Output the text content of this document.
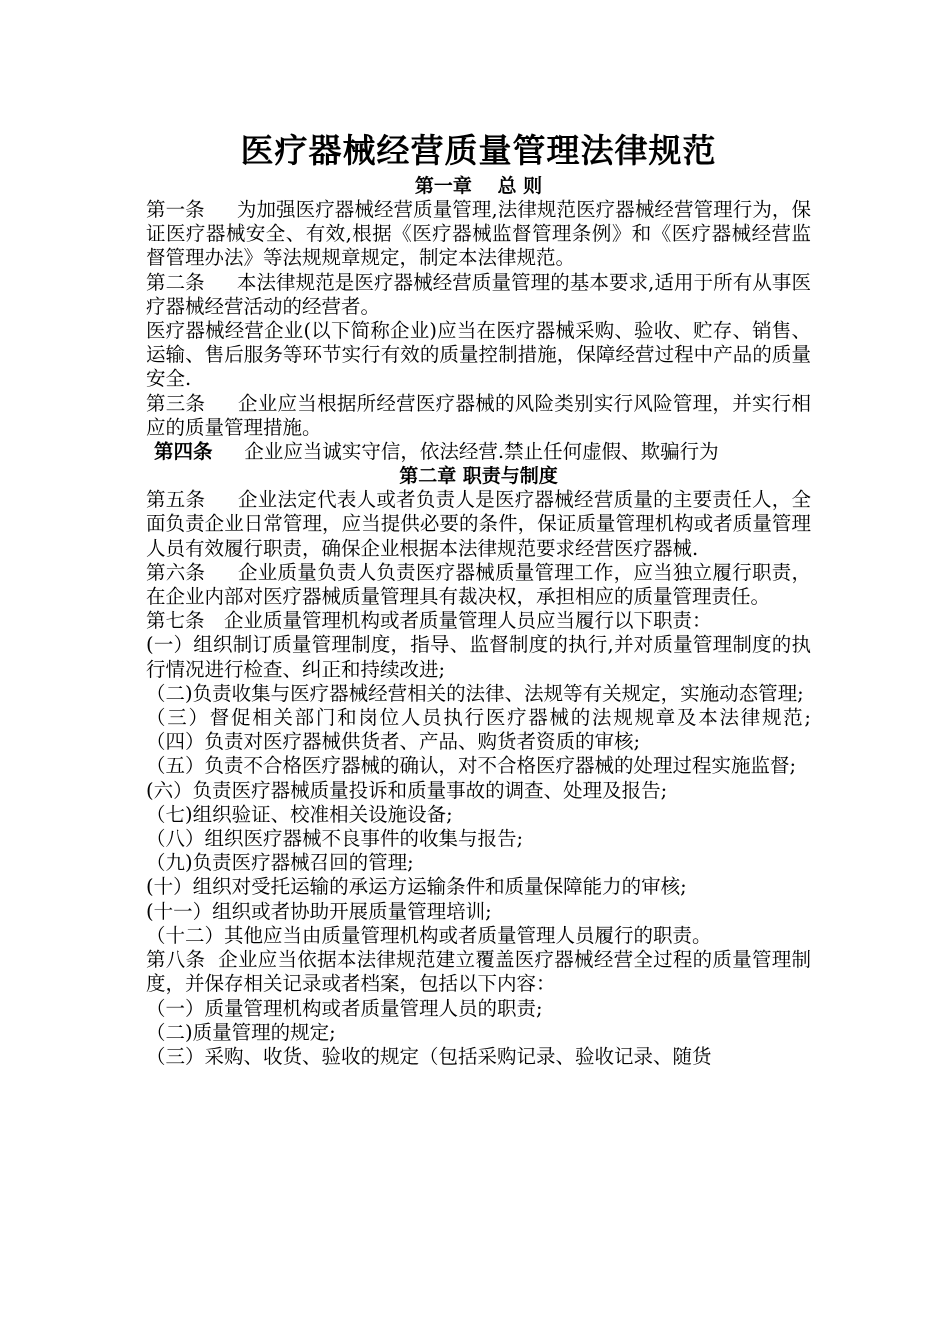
医疗器械经营质量管理法律规范

第一章　 总 则

第一条　  为加强医疗器械经营质量管理,法律规范医疗器械经营管理行为，保证医疗器械安全、有效,根据《医疗器械监督管理条例》和《医疗器械经营监督管理办法》等法规规章规定，制定本法律规范。

第二条　  本法律规范是医疗器械经营质量管理的基本要求,适用于所有从事医疗器械经营活动的经营者。

医疗器械经营企业(以下简称企业)应当在医疗器械采购、验收、贮存、销售、运输、售后服务等环节实行有效的质量控制措施，保障经营过程中产品的质量安全.

第三条　  企业应当根据所经营医疗器械的风险类别实行风险管理，并实行相应的质量管理措施。

第四条　  企业应当诚实守信，依法经营.禁止任何虚假、欺骗行为

第二章 职责与制度

第五条　  企业法定代表人或者负责人是医疗器械经营质量的主要责任人，全面负责企业日常管理，应当提供必要的条件，保证质量管理机构或者质量管理人员有效履行职责，确保企业根据本法律规范要求经营医疗器械.

第六条　  企业质量负责人负责医疗器械质量管理工作，应当独立履行职责，在企业内部对医疗器械质量管理具有裁决权，承担相应的质量管理责任。

第七条　企业质量管理机构或者质量管理人员应当履行以下职责：

(一）组织制订质量管理制度，指导、监督制度的执行,并对质量管理制度的执行情况进行检查、纠正和持续改进;

（二)负责收集与医疗器械经营相关的法律、法规等有关规定，实施动态管理;

（三）督促相关部门和岗位人员执行医疗器械的法规规章及本法律规范;　（四）负责对医疗器械供货者、产品、购货者资质的审核;

（五）负责不合格医疗器械的确认，对不合格医疗器械的处理过程实施监督;

(六）负责医疗器械质量投诉和质量事故的调查、处理及报告;

（七)组织验证、校准相关设施设备;

（八）组织医疗器械不良事件的收集与报告;

（九)负责医疗器械召回的管理;

(十）组织对受托运输的承运方运输条件和质量保障能力的审核;

(十一）组织或者协助开展质量管理培训;

（十二）其他应当由质量管理机构或者质量管理人员履行的职责。

第八条  企业应当依据本法律规范建立覆盖医疗器械经营全过程的质量管理制度，并保存相关记录或者档案，包括以下内容：

（一）质量管理机构或者质量管理人员的职责;

（二)质量管理的规定;

（三）采购、收货、验收的规定（包括采购记录、验收记录、随货
